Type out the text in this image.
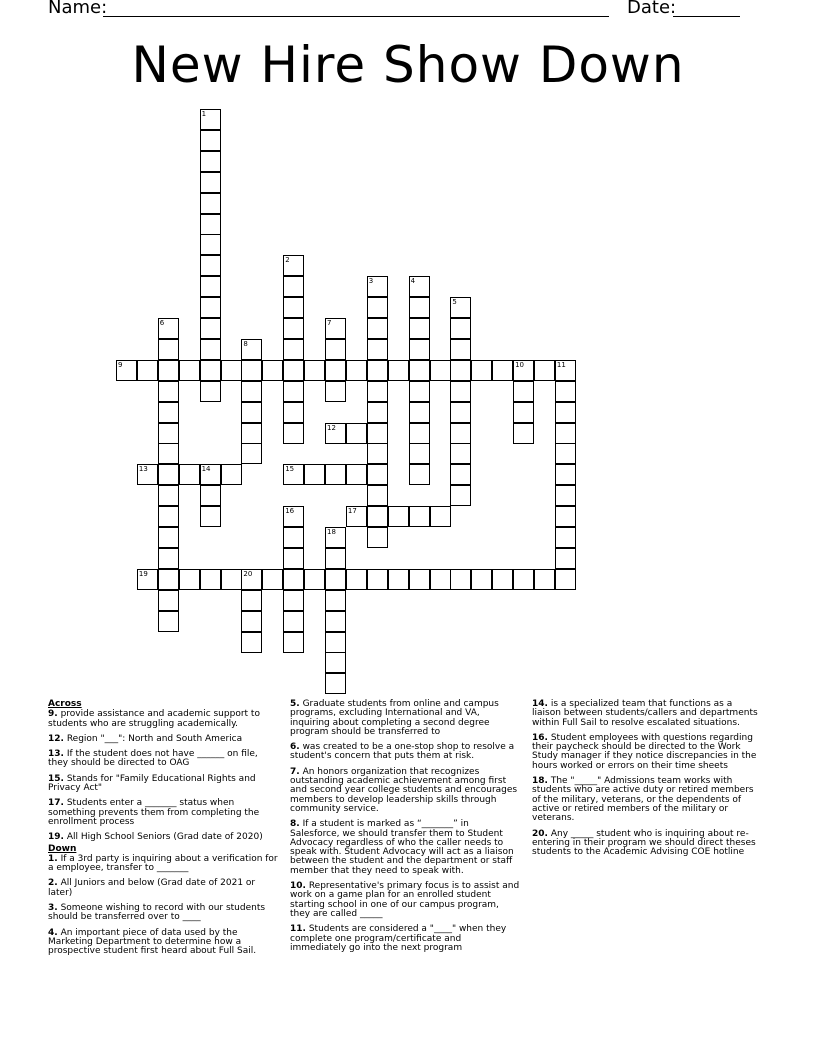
Name:	Date:
New Hire Show Down
1
2
3	4
5
6	7
8
9	10	11
12
13	14	15
16	17
18
19	20
Across
9. provide assistance and academic support to students who are struggling academically.
12. Region "___": North and South America
13. If the student does not have ______ on file, they should be directed to OAG
15. Stands for "Family Educational Rights and Privacy Act"
17. Students enter a _______ status when something prevents them from completing the enrollment process
19. All High School Seniors (Grad date of 2020)
Down
1. If a 3rd party is inquiring about a verification for a employee, transfer to _______
2. All Juniors and below (Grad date of 2021 or later)
3. Someone wishing to record with our students should be transferred over to ____
4. An important piece of data used by the Marketing Department to determine how a prospective student first heard about Full Sail.
5. Graduate students from online and campus programs, excluding International and VA, inquiring about completing a second degree program should be transferred to
6. was created to be a one-stop shop to resolve a student's concern that puts them at risk.
7. An honors organization that recognizes outstanding academic achievement among first and second year college students and encourages members to develop leadership skills through community service.
8. If a student is marked as “_______” in Salesforce, we should transfer them to Student Advocacy regardless of who the caller needs to speak with. Student Advocacy will act as a liaison between the student and the department or staff member that they need to speak with.
10. Representative's primary focus is to assist and work on a game plan for an enrolled student starting school in one of our campus program, they are called _____
11. Students are considered a "____" when they complete one program/certificate and immediately go into the next program
14. is a specialized team that functions as a liaison between students/callers and departments within Full Sail to resolve escalated situations.
16. Student employees with questions regarding their paycheck should be directed to the Work Study manager if they notice discrepancies in the hours worked or errors on their time sheets
18. The "_____" Admissions team works with students who are active duty or retired members of the military, veterans, or the dependents of active or retired members of the military or veterans.
20. Any _____ student who is inquiring about re-entering in their program we should direct theses students to the Academic Advising COE hotline
